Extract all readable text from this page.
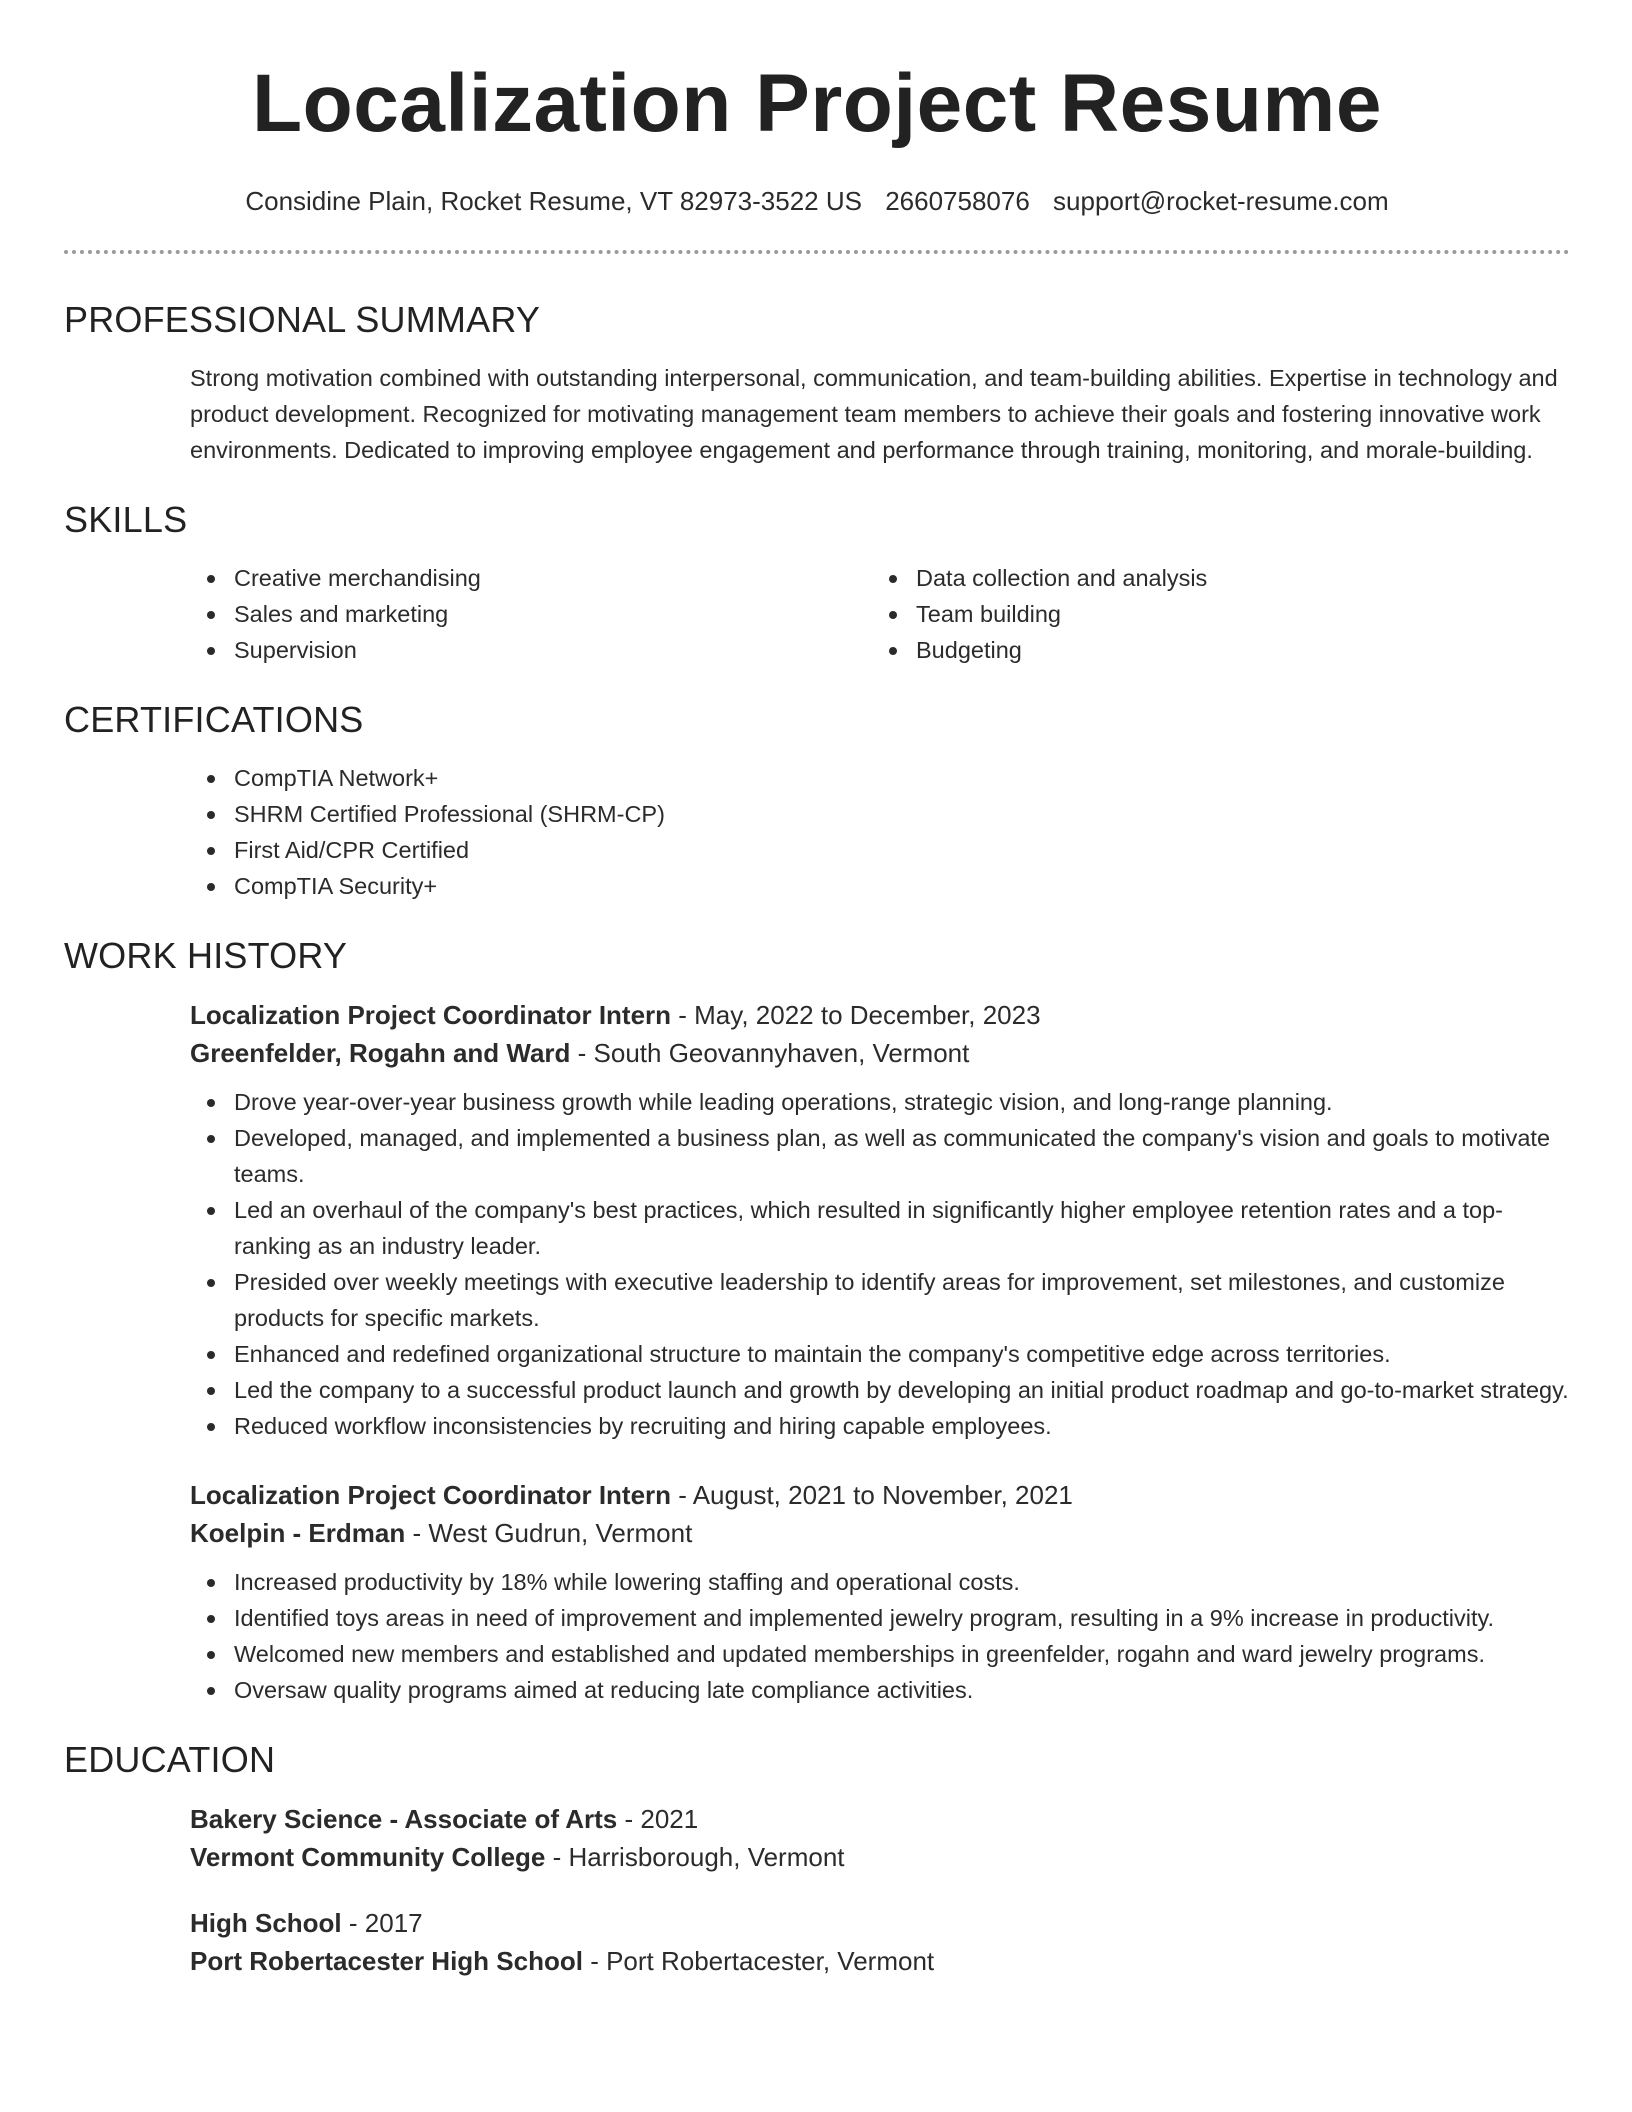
Localization Project Resume
Considine Plain, Rocket Resume, VT 82973-3522 US 2660758076 support@rocket-resume.com
PROFESSIONAL SUMMARY

Strong motivation combined with outstanding interpersonal, communication, and team-building abilities. Expertise in technology and product development. Recognized for motivating management team members to achieve their goals and fostering innovative work environments. Dedicated to improving employee engagement and performance through training, monitoring, and morale-building.

SKILLS
Creative merchandising
Sales and marketing
Supervision
Data collection and analysis
Team building
Budgeting
CERTIFICATIONS
CompTIA Network+
SHRM Certified Professional (SHRM-CP)
First Aid/CPR Certified
CompTIA Security+
WORK HISTORY
Localization Project Coordinator Intern - May, 2022 to December, 2023
Greenfelder, Rogahn and Ward - South Geovannyhaven, Vermont
Drove year-over-year business growth while leading operations, strategic vision, and long-range planning.
Developed, managed, and implemented a business plan, as well as communicated the company's vision and goals to motivate teams.
Led an overhaul of the company's best practices, which resulted in significantly higher employee retention rates and a top-ranking as an industry leader.
Presided over weekly meetings with executive leadership to identify areas for improvement, set milestones, and customize products for specific markets.
Enhanced and redefined organizational structure to maintain the company's competitive edge across territories.
Led the company to a successful product launch and growth by developing an initial product roadmap and go-to-market strategy.
Reduced workflow inconsistencies by recruiting and hiring capable employees.
Localization Project Coordinator Intern - August, 2021 to November, 2021
Koelpin - Erdman - West Gudrun, Vermont
Increased productivity by 18% while lowering staffing and operational costs.
Identified toys areas in need of improvement and implemented jewelry program, resulting in a 9% increase in productivity.
Welcomed new members and established and updated memberships in greenfelder, rogahn and ward jewelry programs.
Oversaw quality programs aimed at reducing late compliance activities.
EDUCATION
Bakery Science - Associate of Arts - 2021
Vermont Community College - Harrisborough, Vermont
High School - 2017
Port Robertacester High School - Port Robertacester, Vermont
